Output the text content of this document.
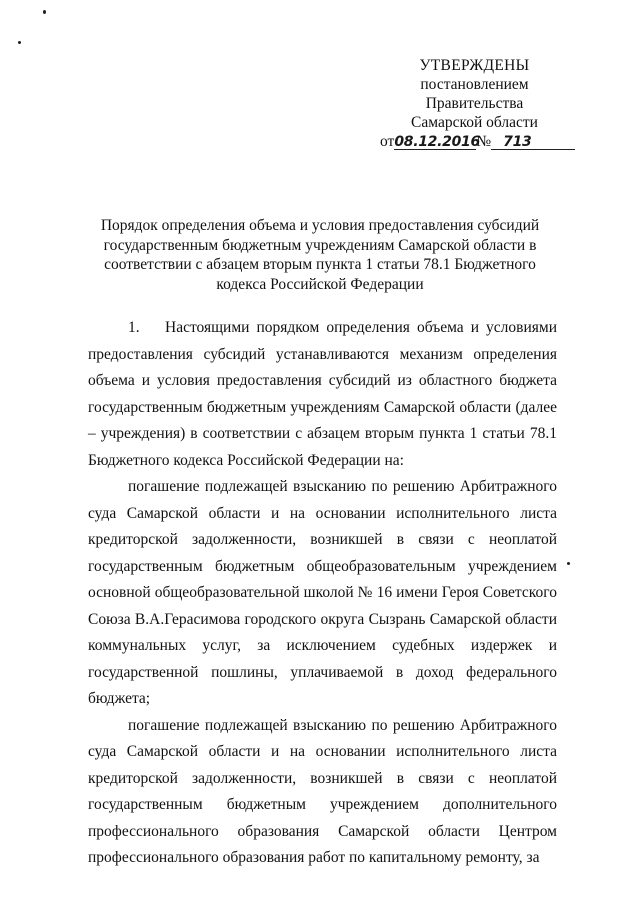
УТВЕРЖДЕНЫ
постановлением Правительства
Самарской области
от08.12.2016№ 713
Порядок определения объема и условия предоставления субсидий
государственным бюджетным учреждениям Самарской области в
соответствии с абзацем вторым пункта 1 статьи 78.1 Бюджетного
кодекса Российской Федерации

1. Настоящими порядком определения объема и условиями предоставления субсидий устанавливаются механизм определения объема и условия предоставления субсидий из областного бюджета государственным бюджетным учреждениям Самарской области (далее – учреждения) в соответствии с абзацем вторым пункта 1 статьи 78.1 Бюджетного кодекса Российской Федерации на:

погашение подлежащей взысканию по решению Арбитражного суда Самарской области и на основании исполнительного листа кредиторской задолженности, возникшей в связи с неоплатой государственным бюджетным общеобразовательным учреждением основной общеобразовательной школой № 16 имени Героя Советского Союза В.А.Герасимова городского округа Сызрань Самарской области коммунальных услуг, за исключением судебных издержек и государственной пошлины, уплачиваемой в доход федерального бюджета;

погашение подлежащей взысканию по решению Арбитражного суда Самарской области и на основании исполнительного листа кредиторской задолженности, возникшей в связи с неоплатой государственным бюджетным учреждением дополнительного профессионального образования Самарской области Центром профессионального образования работ по капитальному ремонту, за
